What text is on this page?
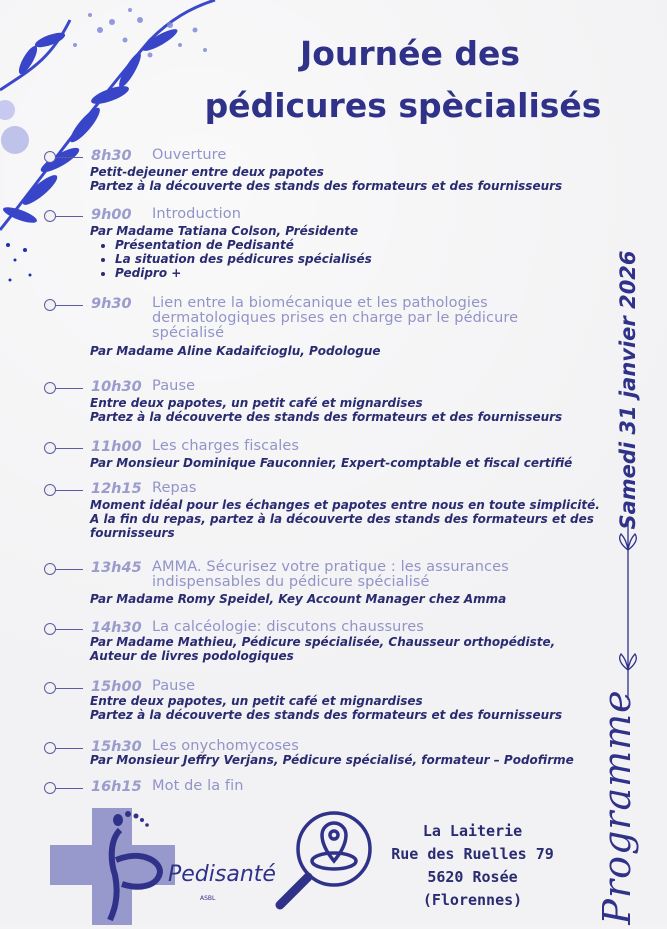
Journée des
pédicures spècialisés
8h30 Ouverture
Petit-dejeuner entre deux papotes
Partez à la découverte des stands des formateurs et des fournisseurs
9h00 Introduction
Par Madame Tatiana Colson, Présidente
• Présentation de Pedisanté
• La situation des pédicures spécialisés
• Pedipro +
9h30 Lien entre la biomécanique et les pathologies dermatologiques prises en charge par le pédicure spécialisé
Par Madame Aline Kadaifcioglu, Podologue
10h30 Pause
Entre deux papotes, un petit café et mignardises
Partez à la découverte des stands des formateurs et des fournisseurs
11h00 Les charges fiscales
Par Monsieur Dominique Fauconnier, Expert-comptable et fiscal certifié
12h15 Repas
Moment idéal pour les échanges et papotes entre nous en toute simplicité.
A la fin du repas, partez à la découverte des stands des formateurs et des
fournisseurs
13h45 AMMA. Sécurisez votre pratique : les assurances indispensables du pédicure spécialisé
Par Madame Romy Speidel, Key Account Manager chez Amma
14h30 La calcéologie: discutons chaussures
Par Madame Mathieu, Pédicure spécialisée, Chausseur orthopédiste,
Auteur de livres podologiques
15h00 Pause
Entre deux papotes, un petit café et mignardises
Partez à la découverte des stands des formateurs et des fournisseurs
15h30 Les onychomycoses
Par Monsieur Jeffry Verjans, Pédicure spécialisé, formateur – Podofirme
16h15 Mot de la fin
Samedi 31 janvier 2026
Programme
Pedisanté
ASBL
La Laiterie
Rue des Ruelles 79
5620 Rosée
(Florennes)
